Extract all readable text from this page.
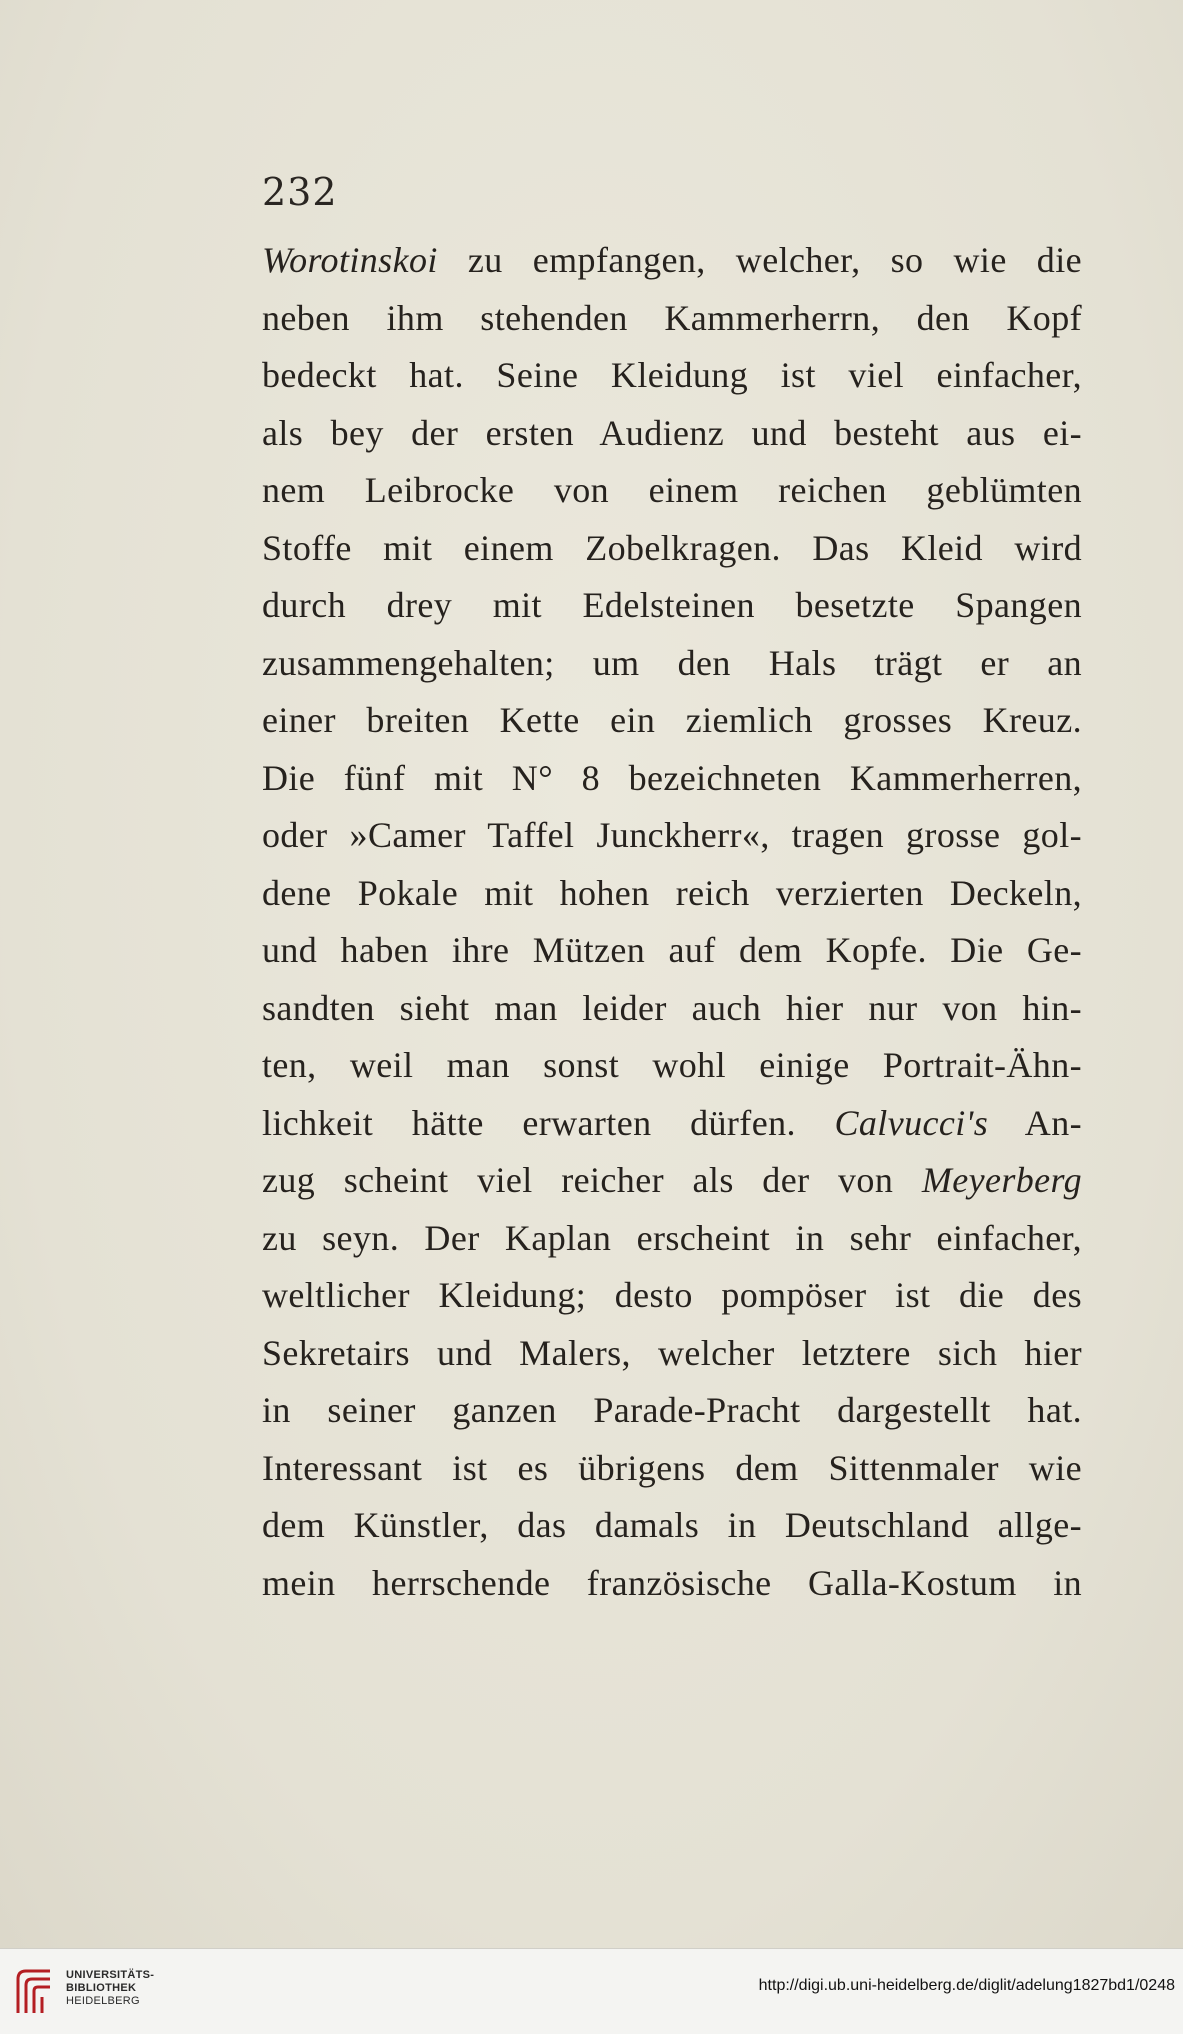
232
Worotinskoi zu empfangen, welcher, so wie die
neben ihm stehenden Kammerherrn, den Kopf
bedeckt hat. Seine Kleidung ist viel einfacher,
als bey der ersten Audienz und besteht aus ei-
nem Leibrocke von einem reichen geblümten
Stoffe mit einem Zobelkragen. Das Kleid wird
durch drey mit Edelsteinen besetzte Spangen
zusammengehalten; um den Hals trägt er an
einer breiten Kette ein ziemlich grosses Kreuz.
Die fünf mit N° 8 bezeichneten Kammerherren,
oder »Camer Taffel Junckherr«, tragen grosse gol-
dene Pokale mit hohen reich verzierten Deckeln,
und haben ihre Mützen auf dem Kopfe. Die Ge-
sandten sieht man leider auch hier nur von hin-
ten, weil man sonst wohl einige Portrait-Ähn-
lichkeit hätte erwarten dürfen. Calvucci's An-
zug scheint viel reicher als der von Meyerberg
zu seyn. Der Kaplan erscheint in sehr einfacher,
weltlicher Kleidung; desto pompöser ist die des
Sekretairs und Malers, welcher letztere sich hier
in seiner ganzen Parade-Pracht dargestellt hat.
Interessant ist es übrigens dem Sittenmaler wie
dem Künstler, das damals in Deutschland allge-
mein herrschende französische Galla-Kostum in
UNIVERSITÄTS-
BIBLIOTHEK
HEIDELBERG
http://digi.ub.uni-heidelberg.de/diglit/adelung1827bd1/0248
